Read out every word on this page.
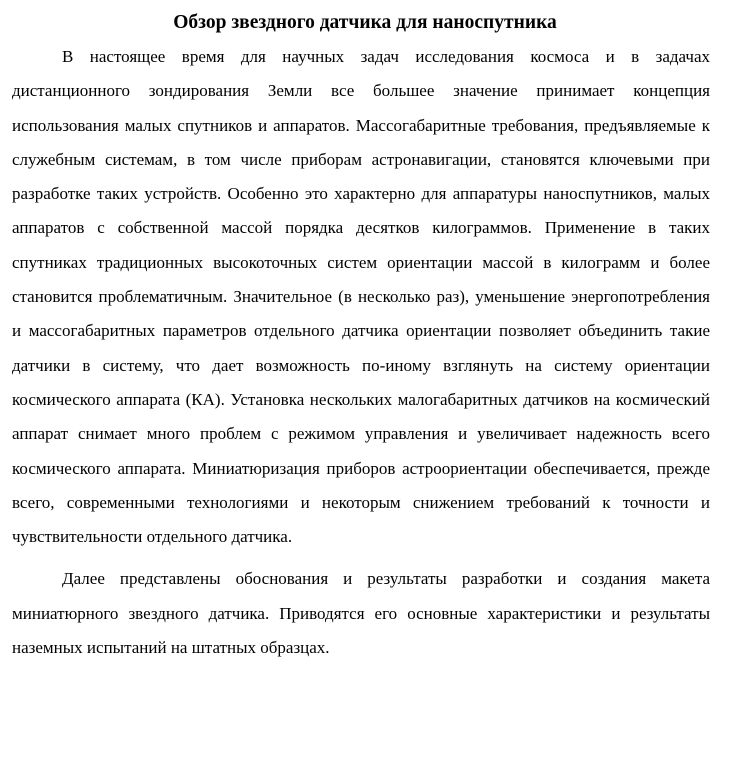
Обзор звездного датчика для наноспутника

В настоящее время для научных задач исследования космоса и в задачах дистанционного зондирования Земли все большее значение принимает концепция использования малых спутников и аппаратов. Массогабаритные требования, предъявляемые к служебным системам, в том числе приборам астронавигации, становятся ключевыми при разработке таких устройств. Особенно это характерно для аппаратуры наноспутников, малых аппаратов с собственной массой порядка десятков килограммов. Применение в таких спутниках традиционных высокоточных систем ориентации массой в килограмм и более становится проблематичным. Значительное (в несколько раз), уменьшение энергопотребления и массогабаритных параметров отдельного датчика ориентации позволяет объединить такие датчики в систему, что дает возможность по-иному взглянуть на систему ориентации космического аппарата (КА). Установка нескольких малогабаритных датчиков на космический аппарат снимает много проблем с режимом управления и увеличивает надежность всего космического аппарата. Миниатюризация приборов астроориентации обеспечивается, прежде всего, современными технологиями и некоторым снижением требований к точности и чувствительности отдельного датчика.

Далее представлены обоснования и результаты разработки и создания макета миниатюрного звездного датчика. Приводятся его основные характеристики и результаты наземных испытаний на штатных образцах.
